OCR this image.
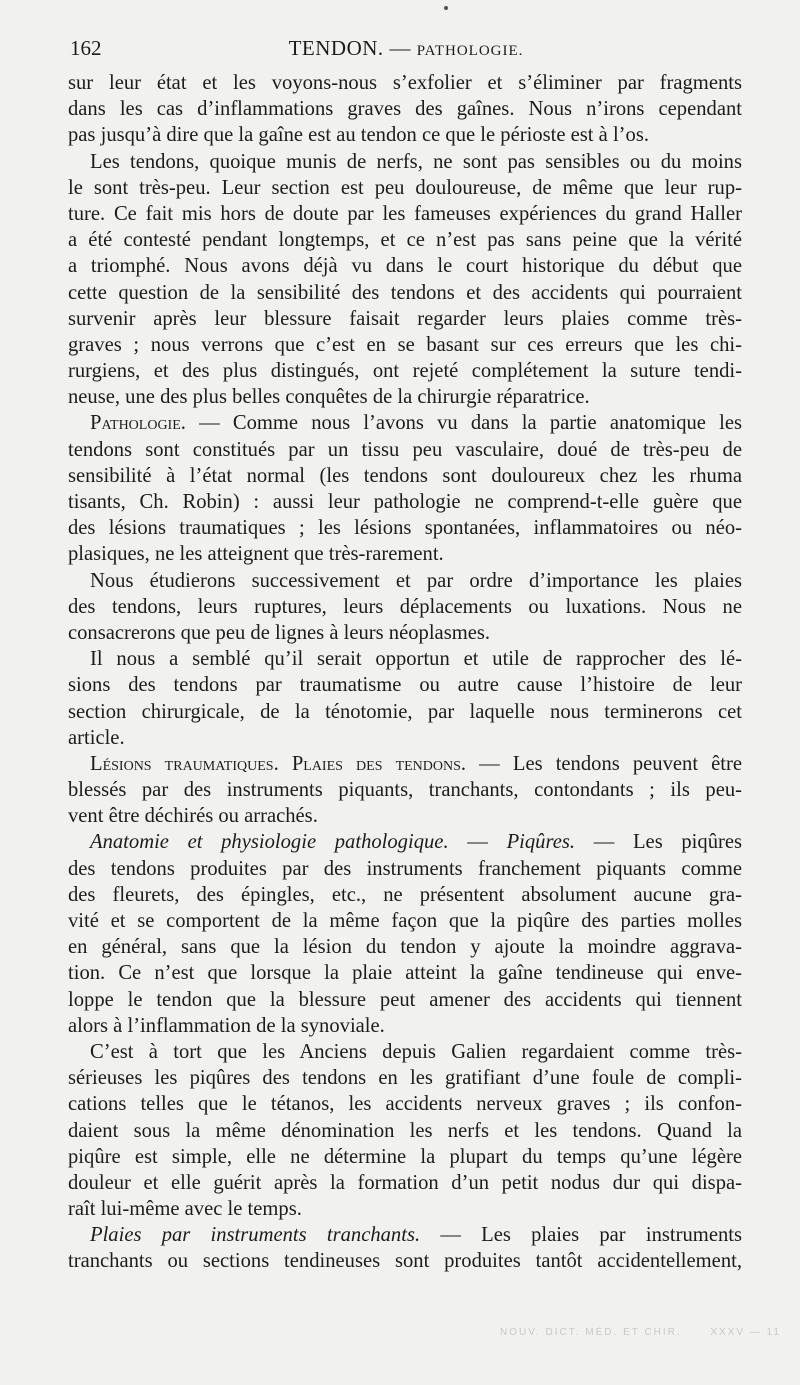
162	TENDON. — PATHOLOGIE.
sur leur état et les voyons-nous s’exfolier et s’éliminer par fragments
dans les cas d’inflammations graves des gaînes. Nous n’irons cependant
pas jusqu’à dire que la gaîne est au tendon ce que le périoste est à l’os.
Les tendons, quoique munis de nerfs, ne sont pas sensibles ou du moins
le sont très-peu. Leur section est peu douloureuse, de même que leur rup-
ture. Ce fait mis hors de doute par les fameuses expériences du grand Haller
a été contesté pendant longtemps, et ce n’est pas sans peine que la vérité
a triomphé. Nous avons déjà vu dans le court historique du début que
cette question de la sensibilité des tendons et des accidents qui pourraient
survenir après leur blessure faisait regarder leurs plaies comme très-
graves ; nous verrons que c’est en se basant sur ces erreurs que les chi-
rurgiens, et des plus distingués, ont rejeté complétement la suture tendi-
neuse, une des plus belles conquêtes de la chirurgie réparatrice.
Pathologie. — Comme nous l’avons vu dans la partie anatomique les
tendons sont constitués par un tissu peu vasculaire, doué de très-peu de
sensibilité à l’état normal (les tendons sont douloureux chez les rhuma
tisants, Ch. Robin) : aussi leur pathologie ne comprend-t-elle guère que
des lésions traumatiques ; les lésions spontanées, inflammatoires ou néo-
plasiques, ne les atteignent que très-rarement.
Nous étudierons successivement et par ordre d’importance les plaies
des tendons, leurs ruptures, leurs déplacements ou luxations. Nous ne
consacrerons que peu de lignes à leurs néoplasmes.
Il nous a semblé qu’il serait opportun et utile de rapprocher des lé-
sions des tendons par traumatisme ou autre cause l’histoire de leur
section chirurgicale, de la ténotomie, par laquelle nous terminerons cet
article.
Lésions traumatiques. Plaies des tendons. — Les tendons peuvent être
blessés par des instruments piquants, tranchants, contondants ; ils peu-
vent être déchirés ou arrachés.
Anatomie et physiologie pathologique. — Piqûres. — Les piqûres
des tendons produites par des instruments franchement piquants comme
des fleurets, des épingles, etc., ne présentent absolument aucune gra-
vité et se comportent de la même façon que la piqûre des parties molles
en général, sans que la lésion du tendon y ajoute la moindre aggrava-
tion. Ce n’est que lorsque la plaie atteint la gaîne tendineuse qui enve-
loppe le tendon que la blessure peut amener des accidents qui tiennent
alors à l’inflammation de la synoviale.
C’est à tort que les Anciens depuis Galien regardaient comme très-
sérieuses les piqûres des tendons en les gratifiant d’une foule de compli-
cations telles que le tétanos, les accidents nerveux graves ; ils confon-
daient sous la même dénomination les nerfs et les tendons. Quand la
piqûre est simple, elle ne détermine la plupart du temps qu’une légère
douleur et elle guérit après la formation d’un petit nodus dur qui dispa-
raît lui-même avec le temps.
Plaies par instruments tranchants. — Les plaies par instruments
tranchants ou sections tendineuses sont produites tantôt accidentellement,
NOUV. DICT. MÉD. ET CHIR.	XXXV — 11
